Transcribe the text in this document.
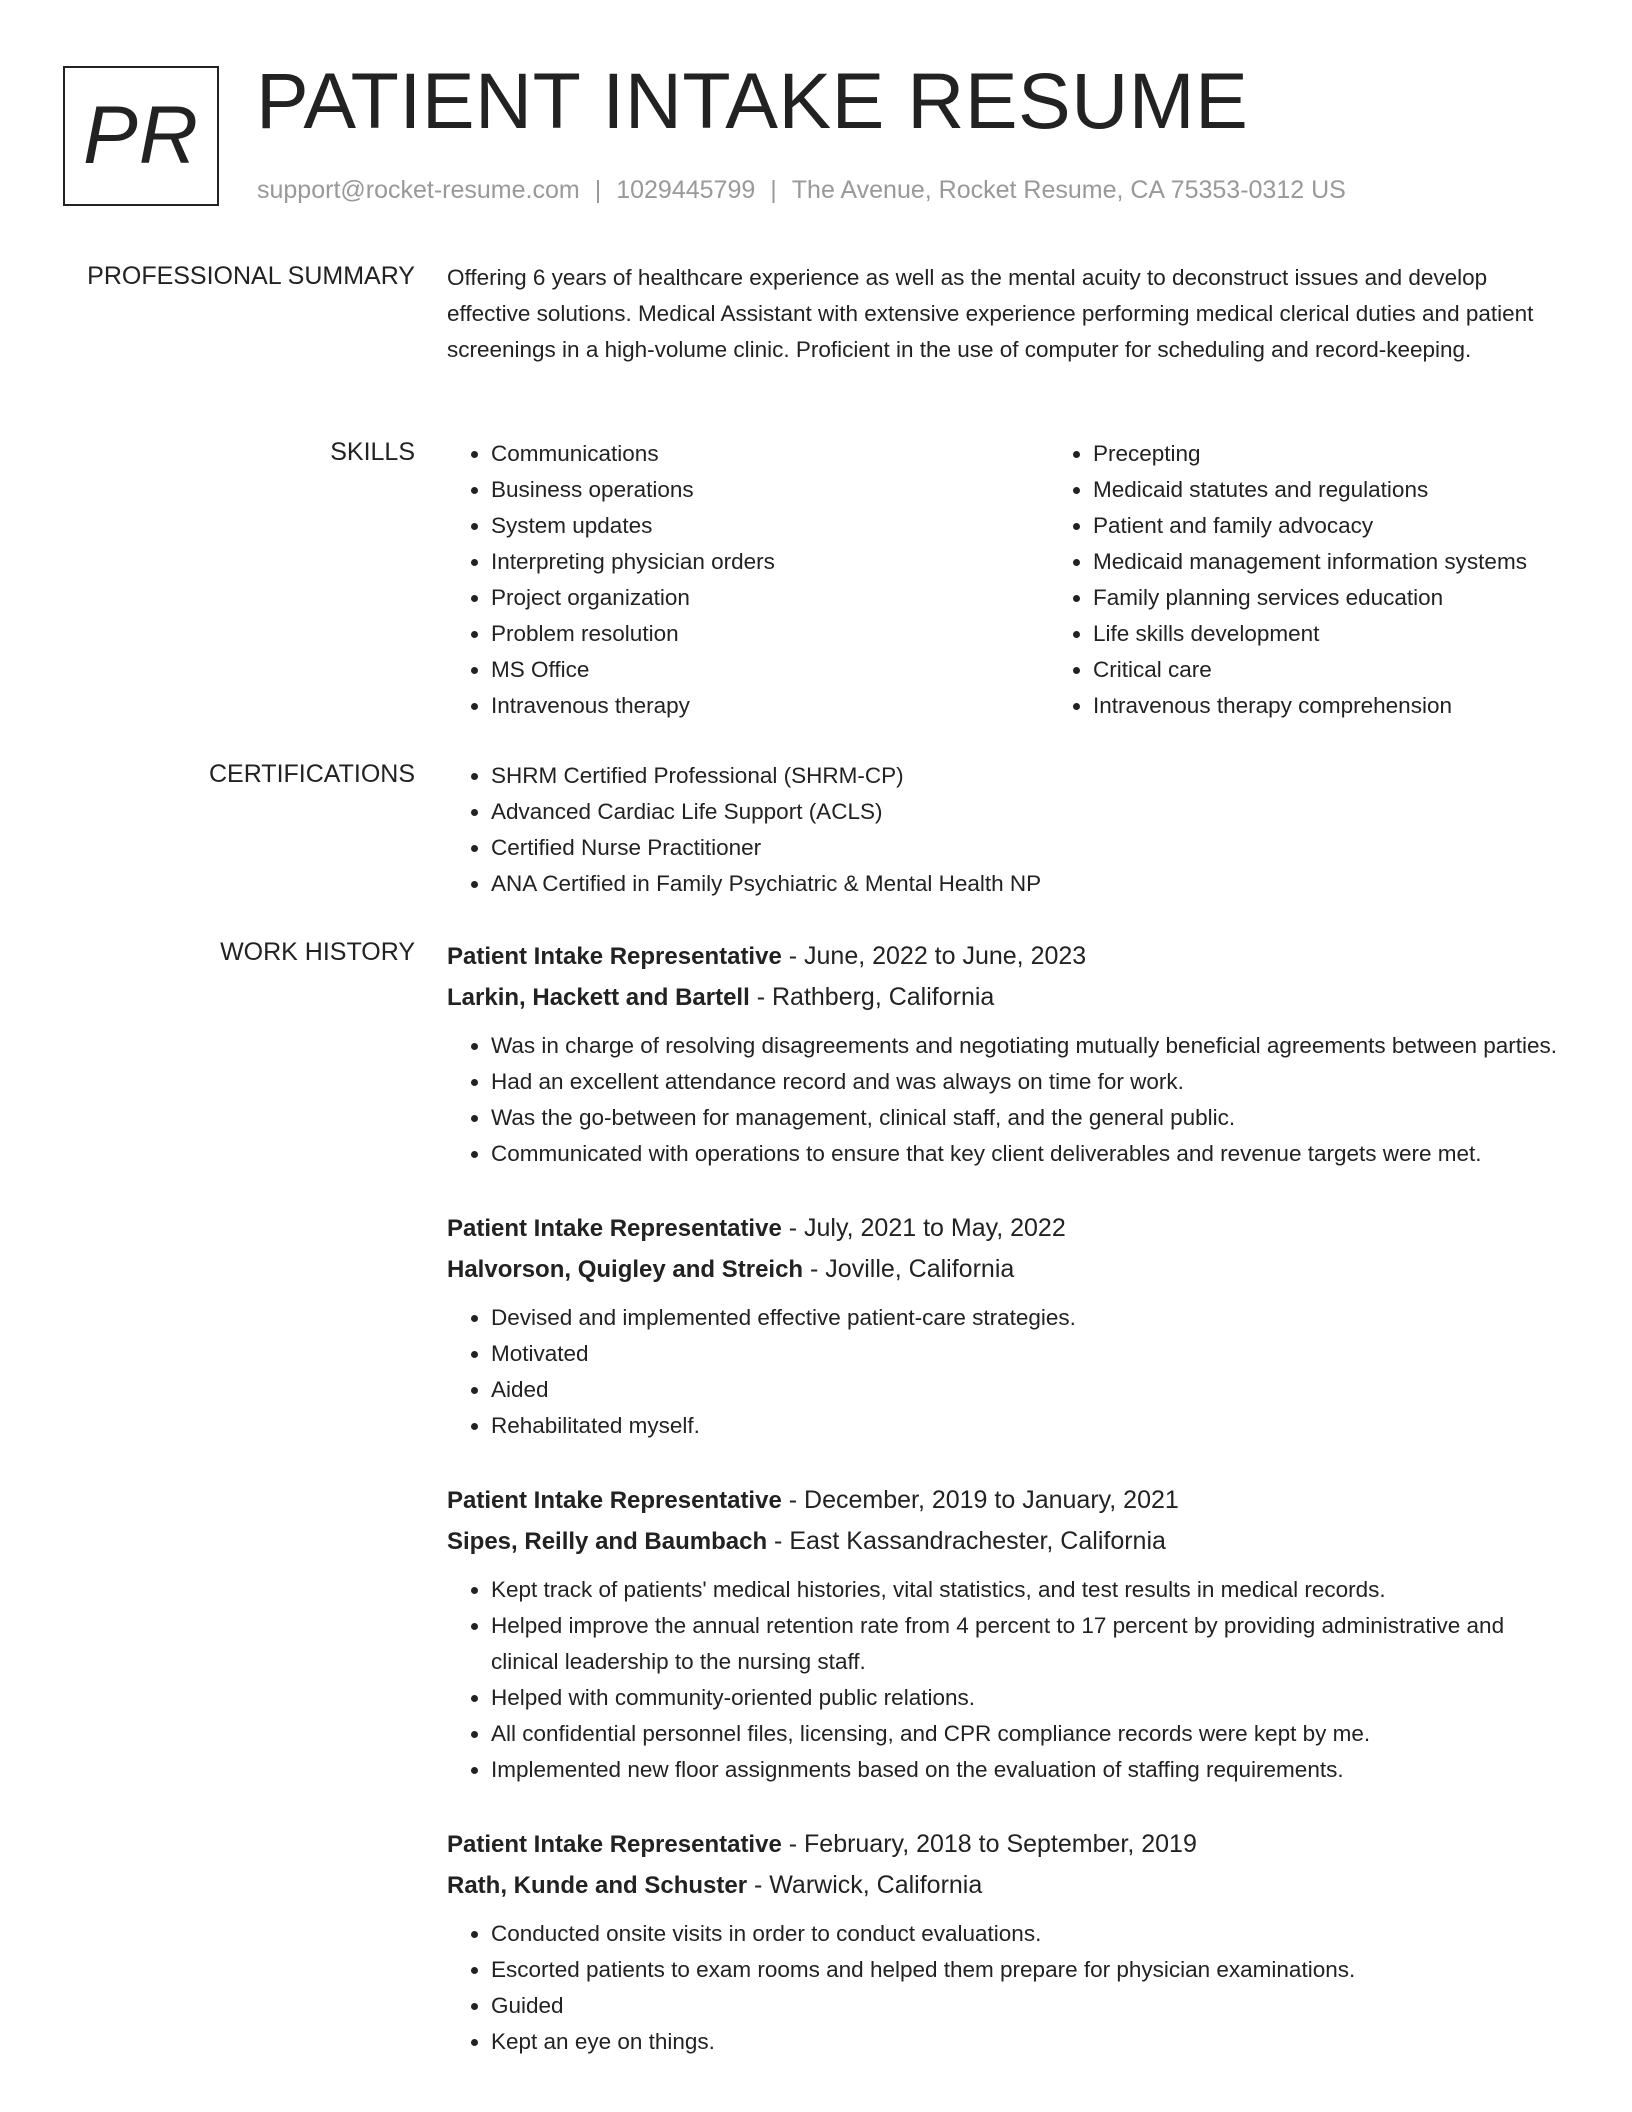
PR PATIENT INTAKE RESUME
support@rocket-resume.com | 1029445799 | The Avenue, Rocket Resume, CA 75353-0312 US
PROFESSIONAL SUMMARY Offering 6 years of healthcare experience as well as the mental acuity to deconstruct issues and develop effective solutions. Medical Assistant with extensive experience performing medical clerical duties and patient screenings in a high-volume clinic. Proficient in the use of computer for scheduling and record-keeping.

SKILLS	• Communications
• Business operations
• System updates
• Interpreting physician orders
• Project organization
• Problem resolution
• MS Office
• Intravenous therapy
• Precepting
• Medicaid statutes and regulations
• Patient and family advocacy
• Medicaid management information systems
• Family planning services education
• Life skills development
• Critical care
• Intravenous therapy comprehension
CERTIFICATIONS	• SHRM Certified Professional (SHRM-CP)
• Advanced Cardiac Life Support (ACLS)
• Certified Nurse Practitioner
• ANA Certified in Family Psychiatric & Mental Health NP
WORK HISTORY Patient Intake Representative - June, 2022 to June, 2023
Larkin, Hackett and Bartell - Rathberg, California
• Was in charge of resolving disagreements and negotiating mutually beneficial agreements between parties.
• Had an excellent attendance record and was always on time for work.
• Was the go-between for management, clinical staff, and the general public.
• Communicated with operations to ensure that key client deliverables and revenue targets were met.
Patient Intake Representative - July, 2021 to May, 2022
Halvorson, Quigley and Streich - Joville, California
• Devised and implemented effective patient-care strategies.
• Motivated
• Aided
• Rehabilitated myself.
Patient Intake Representative - December, 2019 to January, 2021
Sipes, Reilly and Baumbach - East Kassandrachester, California
• Kept track of patients' medical histories, vital statistics, and test results in medical records.
• Helped improve the annual retention rate from 4 percent to 17 percent by providing administrative and clinical leadership to the nursing staff.
• Helped with community-oriented public relations.
• All confidential personnel files, licensing, and CPR compliance records were kept by me.
• Implemented new floor assignments based on the evaluation of staffing requirements.
Patient Intake Representative - February, 2018 to September, 2019
Rath, Kunde and Schuster - Warwick, California
• Conducted onsite visits in order to conduct evaluations.
• Escorted patients to exam rooms and helped them prepare for physician examinations.
• Guided
• Kept an eye on things.
